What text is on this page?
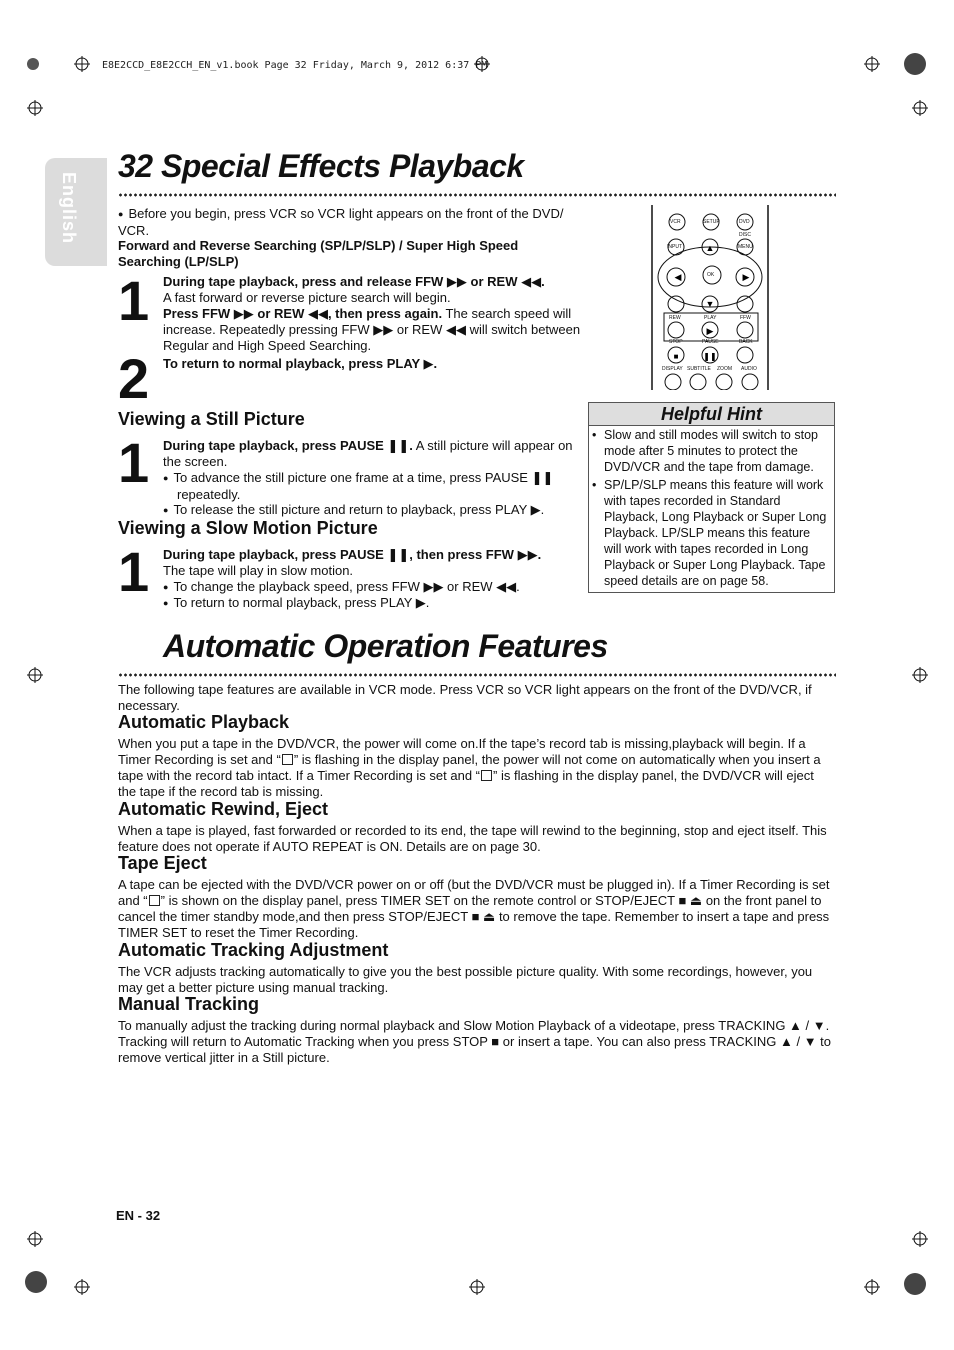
E8E2CCD_E8E2CCH_EN_v1.book Page 32 Friday, March 9, 2012 6:37 PM
English
32 Special Effects Playback
● Before you begin, press VCR so VCR light appears on the front of the DVD/ VCR.
Forward and Reverse Searching (SP/LP/SLP) / Super High Speed Searching (LP/SLP)
1 During tape playback, press and release FFW ▶▶ or REW ◀◀.
A fast forward or reverse picture search will begin.
Press FFW ▶▶ or REW ◀◀, then press again. The search speed will increase. Repeatedly pressing FFW ▶▶ or REW ◀◀ will switch between Regular and High Speed Searching.
2 To return to normal playback, press PLAY ▶.
Viewing a Still Picture
1 During tape playback, press PAUSE ❚❚. A still picture will appear on the screen.
● To advance the still picture one frame at a time, press PAUSE ❚❚ repeatedly.
● To release the still picture and return to playback, press PLAY ▶.
Viewing a Slow Motion Picture
1 During tape playback, press PAUSE ❚❚, then press FFW ▶▶.
The tape will play in slow motion.
● To change the playback speed, press FFW ▶▶ or REW ◀◀.
● To return to normal playback, press PLAY ▶.
▲
◀	▶
▼
▶
❚❚
■
VCR	SETUP	DVD
DISC
INPUT	MENU
OK
REW	PLAY	FFW
STOP	PAUSE	BACK
DISPLAY SUBTITLE ZOOM AUDIO
Helpful Hint
• Slow and still modes will switch to stop mode after 5 minutes to protect the DVD/VCR and the tape from damage.
• SP/LP/SLP means this feature will work with tapes recorded in Standard Playback, Long Playback or Super Long Playback. LP/SLP means this feature will work with tapes recorded in Long Playback or Super Long Playback. Tape speed details are on page 58.
Automatic Operation Features
The following tape features are available in VCR mode. Press VCR so VCR light appears on the front of the DVD/VCR, if necessary.
Automatic Playback
When you put a tape in the DVD/VCR, the power will come on.If the tape’s record tab is missing,playback will begin. If a Timer Recording is set and “ ” is flashing in the display panel, the power will not come on automatically when you insert a tape with the record tab intact. If a Timer Recording is set and “ ” is flashing in the display panel, the DVD/VCR will eject the tape if the record tab is missing.
Automatic Rewind, Eject
When a tape is played, fast forwarded or recorded to its end, the tape will rewind to the beginning, stop and eject itself. This feature does not operate if AUTO REPEAT is ON. Details are on page 30.
Tape Eject
A tape can be ejected with the DVD/VCR power on or off (but the DVD/VCR must be plugged in). If a Timer Recording is set and “ ” is shown on the display panel, press TIMER SET on the remote control or STOP/EJECT ■ ⏏ on the front panel to cancel the timer standby mode,and then press STOP/EJECT ■ ⏏ to remove the tape. Remember to insert a tape and press TIMER SET to reset the Timer Recording.
Automatic Tracking Adjustment
The VCR adjusts tracking automatically to give you the best possible picture quality. With some recordings, however, you may get a better picture using manual tracking.
Manual Tracking
To manually adjust the tracking during normal playback and Slow Motion Playback of a videotape, press TRACKING ▲ / ▼. Tracking will return to Automatic Tracking when you press STOP ■ or insert a tape. You can also press TRACKING ▲ / ▼ to remove vertical jitter in a Still picture.
EN - 32
